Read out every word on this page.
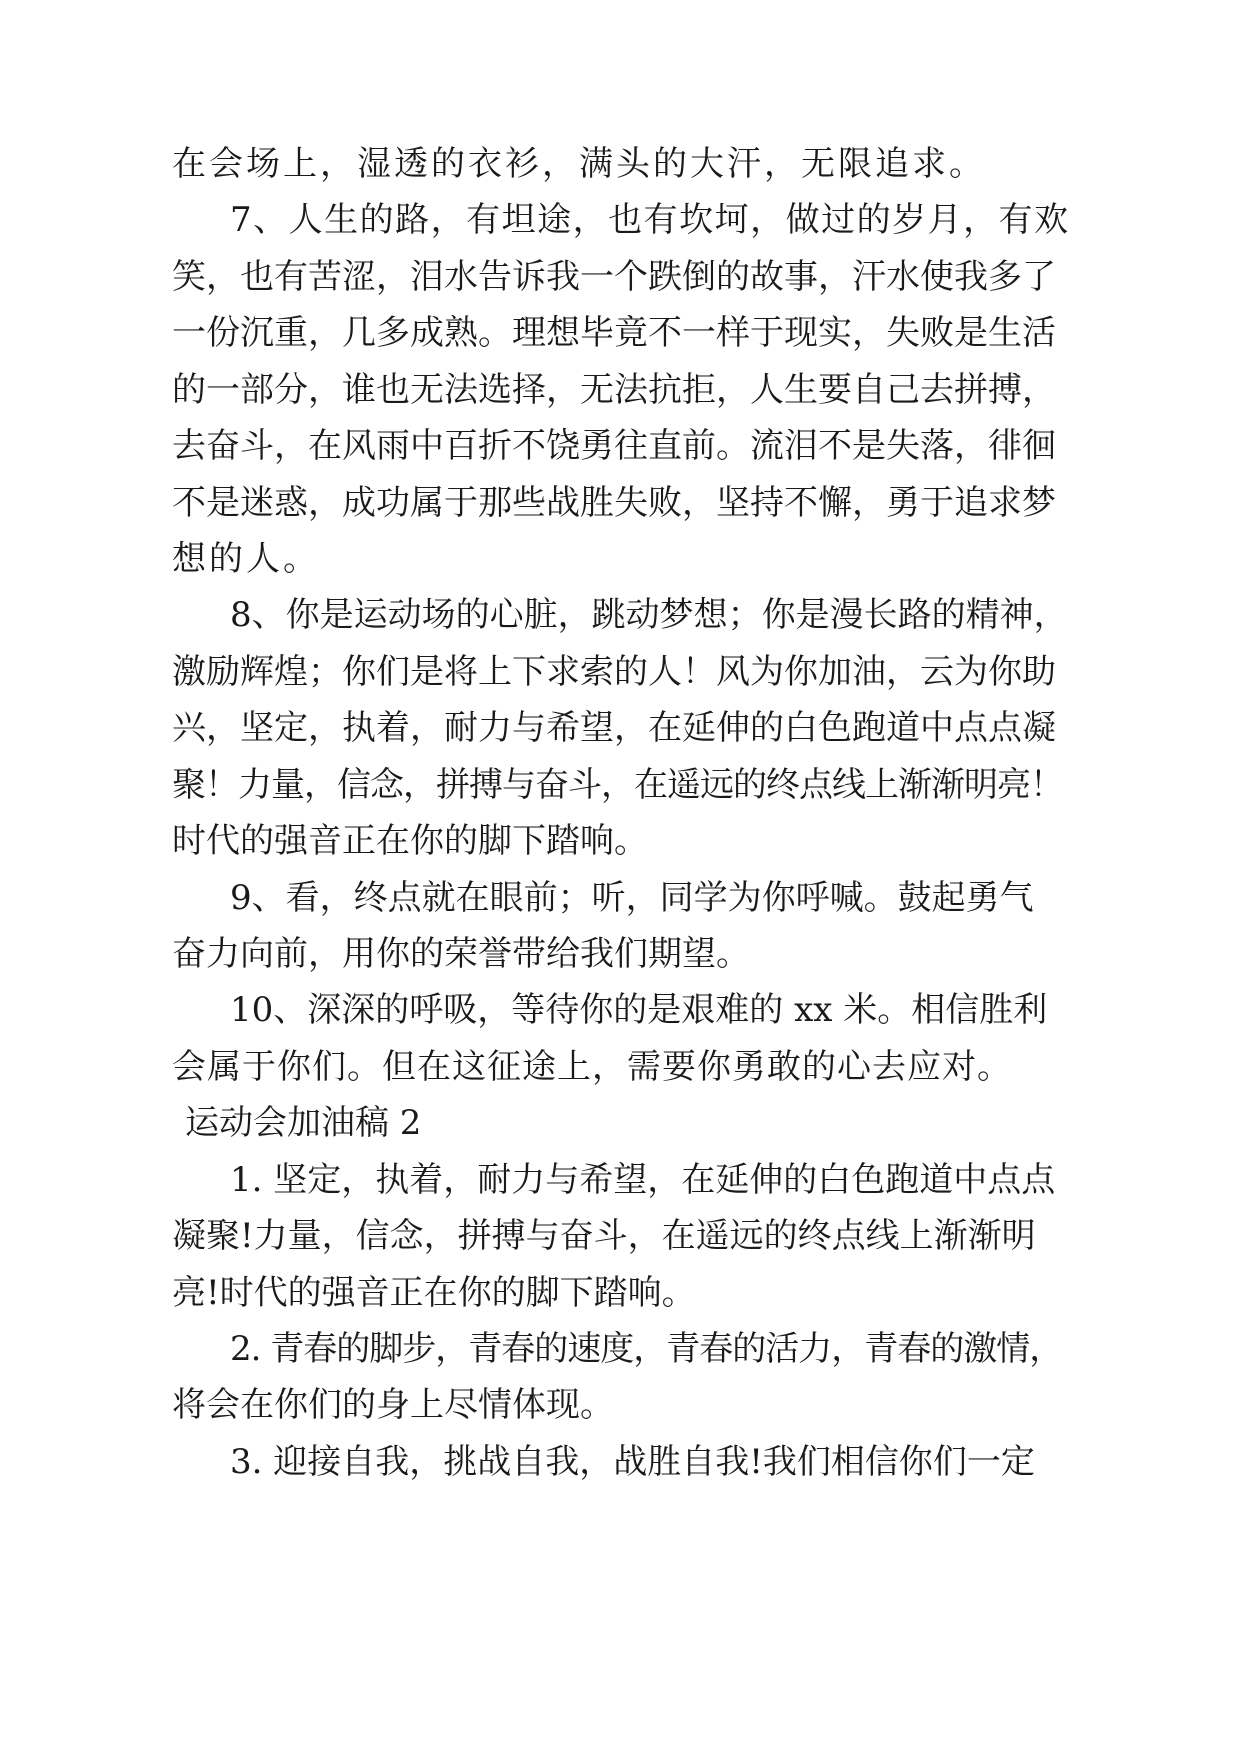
在会场上，湿透的衣衫，满头的大汗，无限追求。

7、人生的路，有坦途，也有坎坷，做过的岁月，有欢

笑，也有苦涩，泪水告诉我一个跌倒的故事，汗水使我多了

一份沉重，几多成熟。理想毕竟不一样于现实，失败是生活

的一部分，谁也无法选择，无法抗拒，人生要自己去拼搏，

去奋斗，在风雨中百折不饶勇往直前。流泪不是失落，徘徊

不是迷惑，成功属于那些战胜失败，坚持不懈，勇于追求梦

想的人。

8、你是运动场的心脏，跳动梦想；你是漫长路的精神，

激励辉煌；你们是将上下求索的人！风为你加油，云为你助

兴，坚定，执着，耐力与希望，在延伸的白色跑道中点点凝

聚！力量，信念，拼搏与奋斗，在遥远的终点线上渐渐明亮！

时代的强音正在你的脚下踏响。

9、看，终点就在眼前；听，同学为你呼喊。鼓起勇气

奋力向前，用你的荣誉带给我们期望。

10、深深的呼吸，等待你的是艰难的 xx 米。相信胜利

会属于你们。但在这征途上，需要你勇敢的心去应对。

运动会加油稿 2

1. 坚定，执着，耐力与希望，在延伸的白色跑道中点点

凝聚!力量，信念，拼搏与奋斗，在遥远的终点线上渐渐明

亮!时代的强音正在你的脚下踏响。

2. 青春的脚步，青春的速度，青春的活力，青春的激情，

将会在你们的身上尽情体现。

3. 迎接自我，挑战自我，战胜自我!我们相信你们一定
